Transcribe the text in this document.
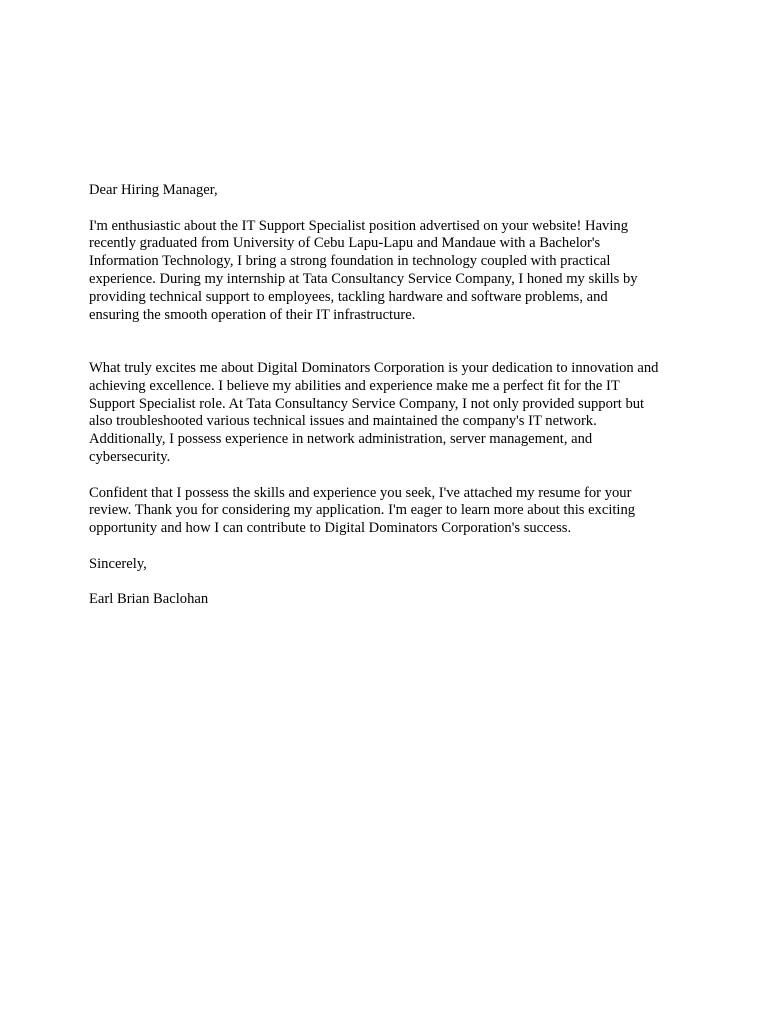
Dear Hiring Manager,

I'm enthusiastic about the IT Support Specialist position advertised on your website! Having
recently graduated from University of Cebu Lapu-Lapu and Mandaue with a Bachelor's
Information Technology, I bring a strong foundation in technology coupled with practical
experience. During my internship at Tata Consultancy Service Company, I honed my skills by
providing technical support to employees, tackling hardware and software problems, and
ensuring the smooth operation of their IT infrastructure.

What truly excites me about Digital Dominators Corporation is your dedication to innovation and
achieving excellence. I believe my abilities and experience make me a perfect fit for the IT
Support Specialist role. At Tata Consultancy Service Company, I not only provided support but
also troubleshooted various technical issues and maintained the company's IT network.
Additionally, I possess experience in network administration, server management, and
cybersecurity.

Confident that I possess the skills and experience you seek, I've attached my resume for your
review. Thank you for considering my application. I'm eager to learn more about this exciting
opportunity and how I can contribute to Digital Dominators Corporation's success.

Sincerely,

Earl Brian Baclohan
